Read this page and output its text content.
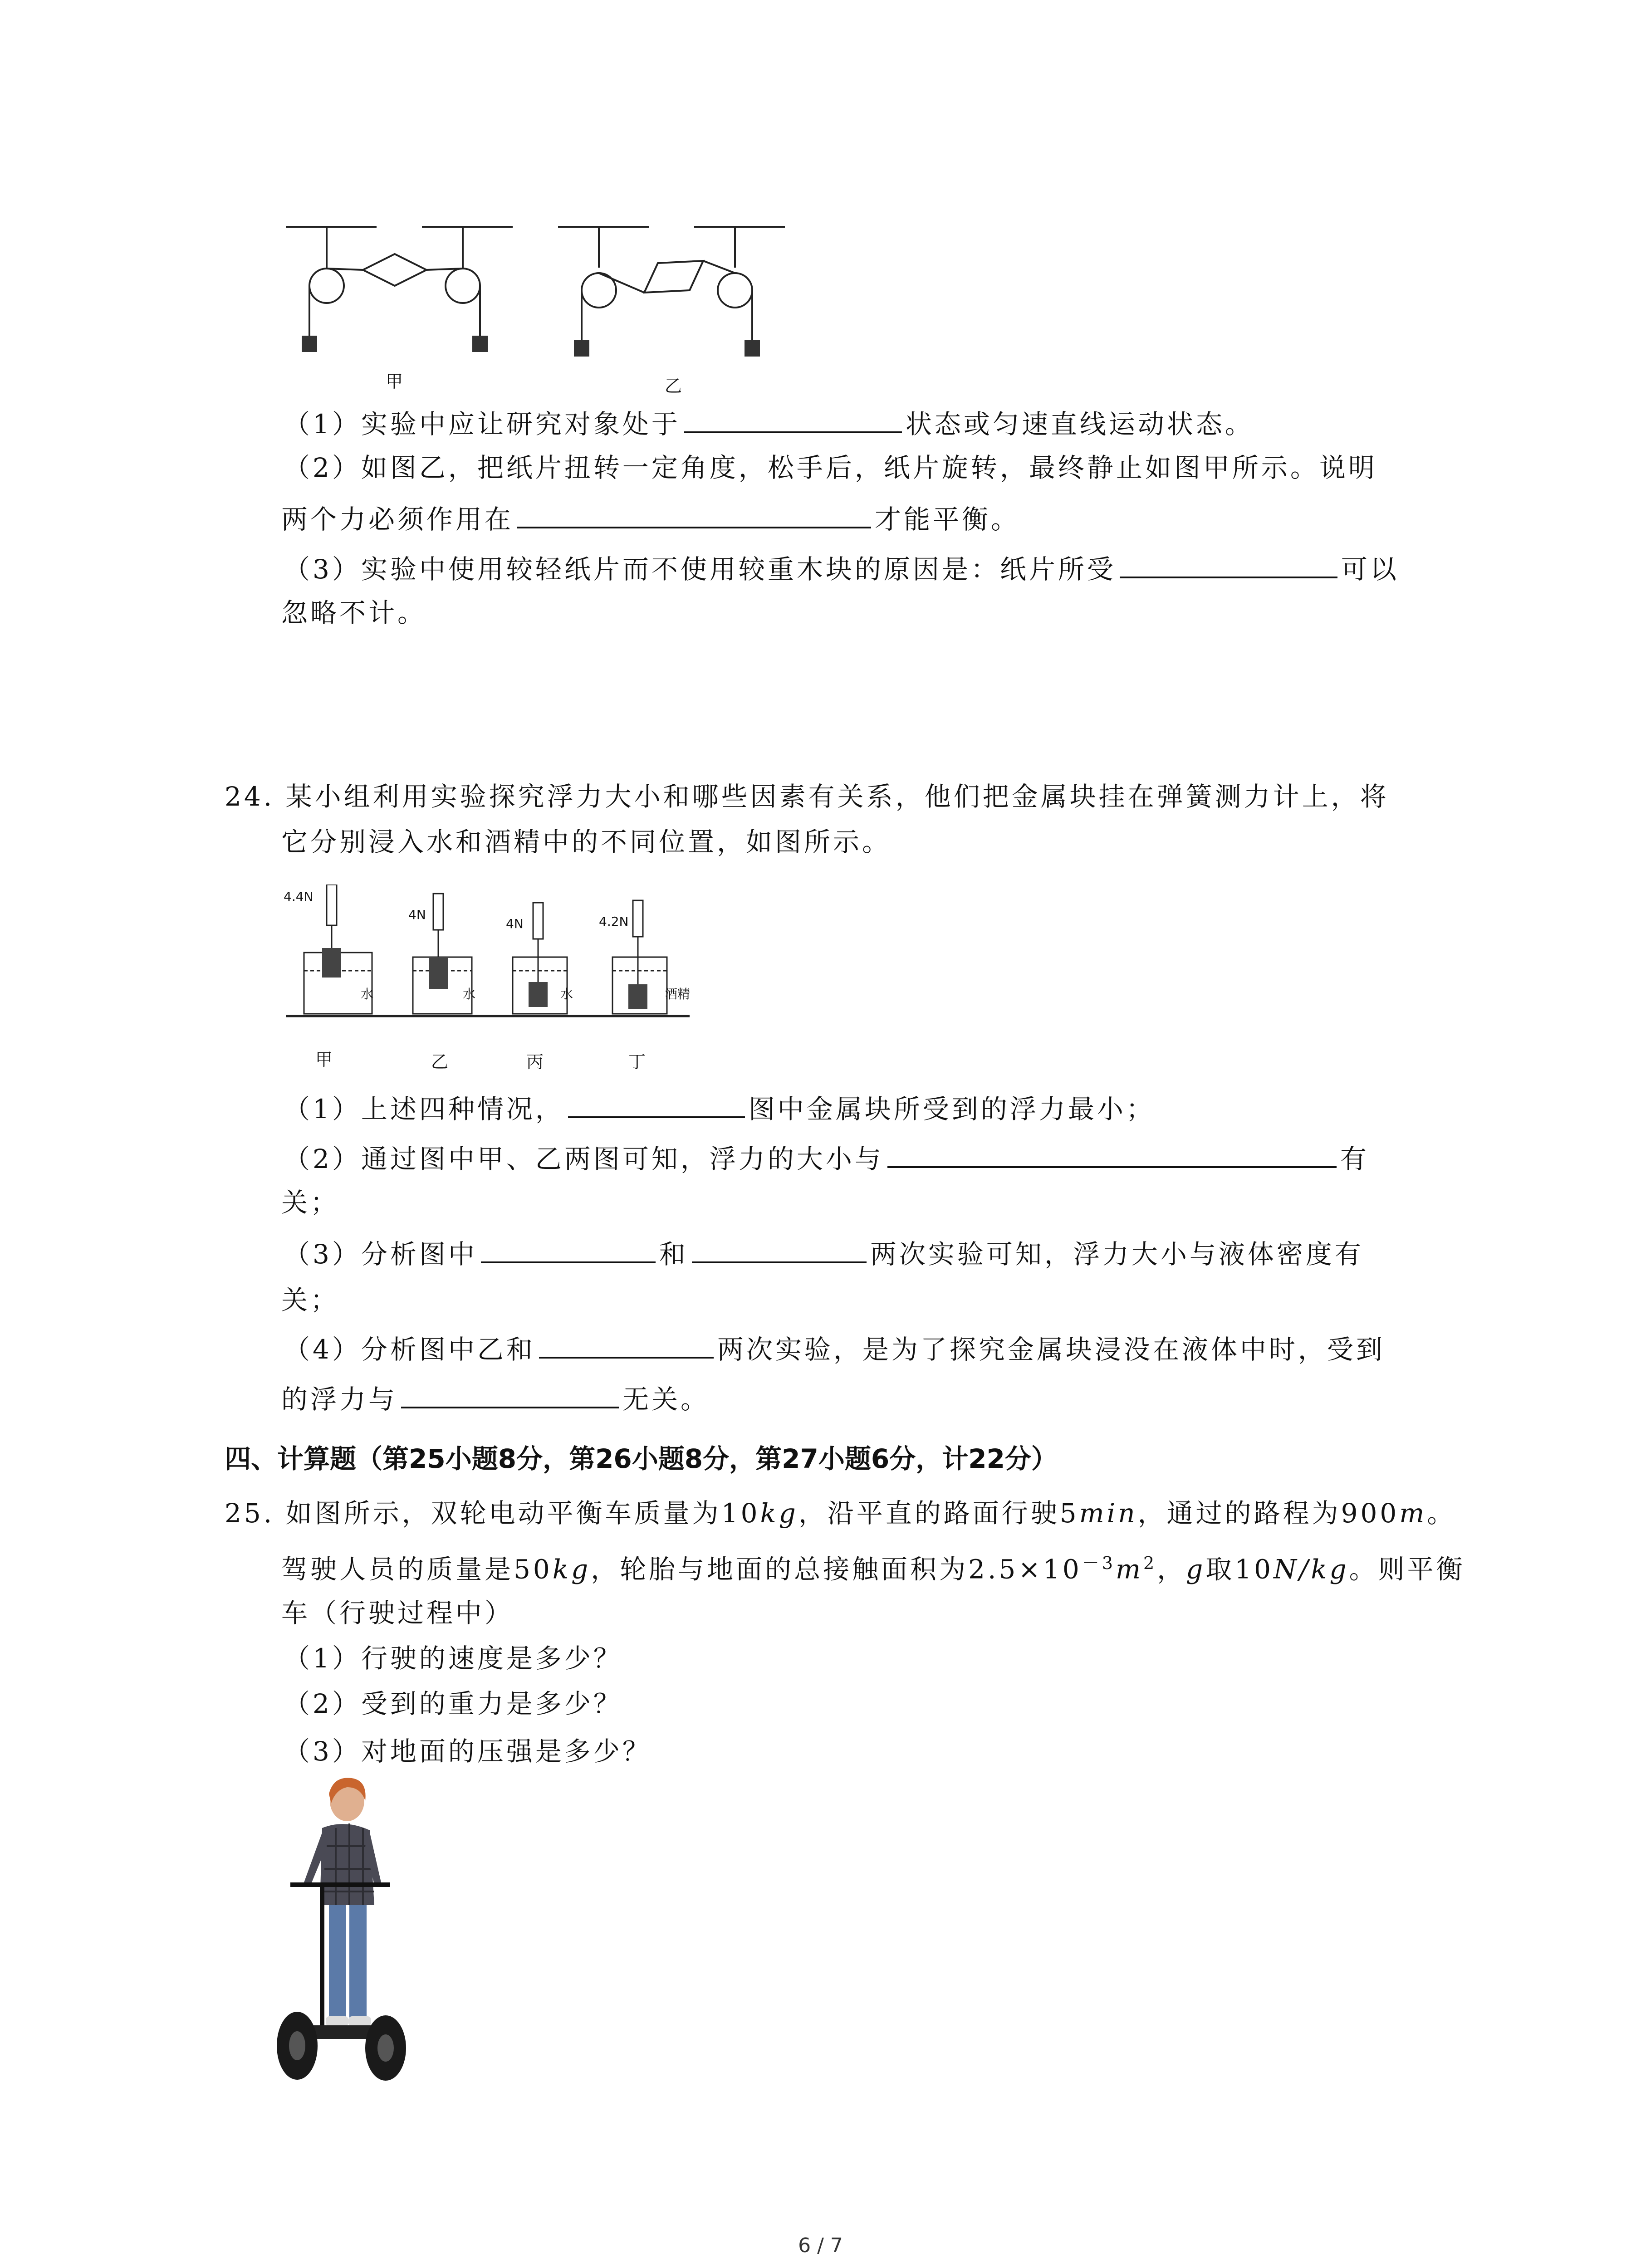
甲	乙
（1）实验中应让研究对象处于	状态或匀速直线运动状态。
（2）如图乙，把纸片扭转一定角度，松手后，纸片旋转，最终静止如图甲所示。说明
两个力必须作用在	才能平衡。
（3）实验中使用较轻纸片而不使用较重木块的原因是：纸片所受	可以
忽略不计。
24. 某小组利用实验探究浮力大小和哪些因素有关系，他们把金属块挂在弹簧测力计上，将
它分别浸入水和酒精中的不同位置，如图所示。
4.4N
4N
4N	4.2N
水	水	水	酒精
甲	乙	丙	丁
（1）上述四种情况，	图中金属块所受到的浮力最小；
（2）通过图中甲、乙两图可知，浮力的大小与	有
关；
（3）分析图中	和	两次实验可知，浮力大小与液体密度有
关；
（4）分析图中乙和	两次实验，是为了探究金属块浸没在液体中时，受到
的浮力与	无关。
四、计算题（第25小题8分，第26小题8分，第27小题6分，计22分）
25. 如图所示，双轮电动平衡车质量为10kg，沿平直的路面行驶5min，通过的路程为900m。
驾驶人员的质量是50kg，轮胎与地面的总接触面积为$2.5\times 10^{-3}m^2$，g取10N/kg。则平衡
车（行驶过程中）
（1）行驶的速度是多少？
（2）受到的重力是多少？
（3）对地面的压强是多少？
6 / 7
